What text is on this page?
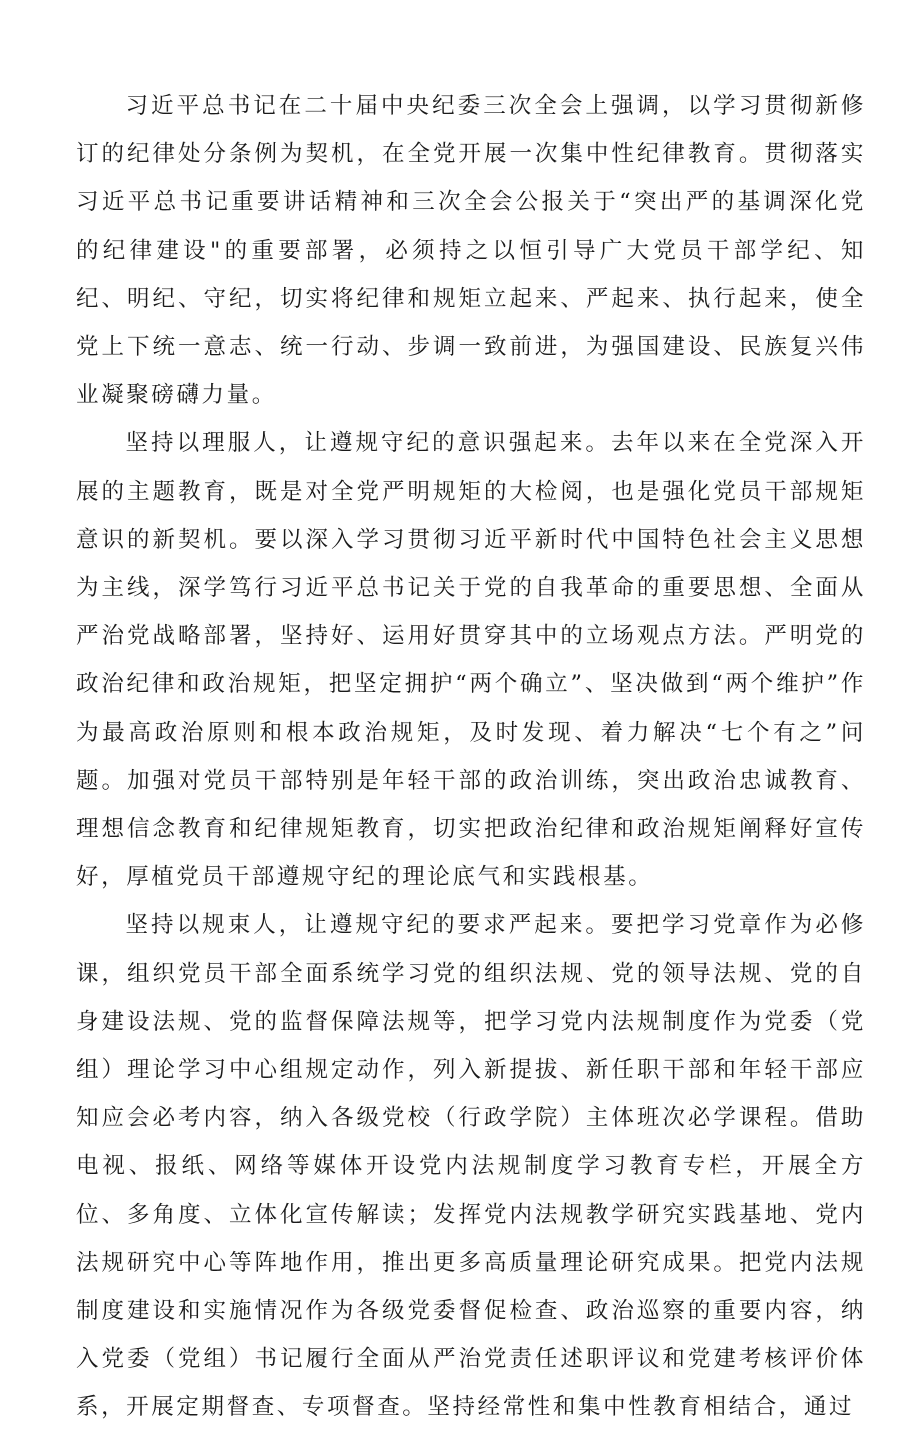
习近平总书记在二十届中央纪委三次全会上强调，以学习贯彻新修订的纪律处分条例为契机，在全党开展一次集中性纪律教育。贯彻落实习近平总书记重要讲话精神和三次全会公报关于“突出严的基调深化党的纪律建设"的重要部署，必须持之以恒引导广大党员干部学纪、知纪、明纪、守纪，切实将纪律和规矩立起来、严起来、执行起来，使全党上下统一意志、统一行动、步调一致前进，为强国建设、民族复兴伟业凝聚磅礴力量。

坚持以理服人，让遵规守纪的意识强起来。去年以来在全党深入开展的主题教育，既是对全党严明规矩的大检阅，也是强化党员干部规矩意识的新契机。要以深入学习贯彻习近平新时代中国特色社会主义思想为主线，深学笃行习近平总书记关于党的自我革命的重要思想、全面从严治党战略部署，坚持好、运用好贯穿其中的立场观点方法。严明党的政治纪律和政治规矩，把坚定拥护“两个确立”、坚决做到“两个维护”作为最高政治原则和根本政治规矩，及时发现、着力解决“七个有之”问题。加强对党员干部特别是年轻干部的政治训练，突出政治忠诚教育、理想信念教育和纪律规矩教育，切实把政治纪律和政治规矩阐释好宣传好，厚植党员干部遵规守纪的理论底气和实践根基。

坚持以规束人，让遵规守纪的要求严起来。要把学习党章作为必修课，组织党员干部全面系统学习党的组织法规、党的领导法规、党的自身建设法规、党的监督保障法规等，把学习党内法规制度作为党委（党组）理论学习中心组规定动作，列入新提拔、新任职干部和年轻干部应知应会必考内容，纳入各级党校（行政学院）主体班次必学课程。借助电视、报纸、网络等媒体开设党内法规制度学习教育专栏，开展全方位、多角度、立体化宣传解读；发挥党内法规教学研究实践基地、党内法规研究中心等阵地作用，推出更多高质量理论研究成果。把党内法规制度建设和实施情况作为各级党委督促检查、政治巡察的重要内容，纳入党委（党组）书记履行全面从严治党责任述职评议和党建考核评价体系，开展定期督查、专项督查。坚持经常性和集中性教育相结合，通过
